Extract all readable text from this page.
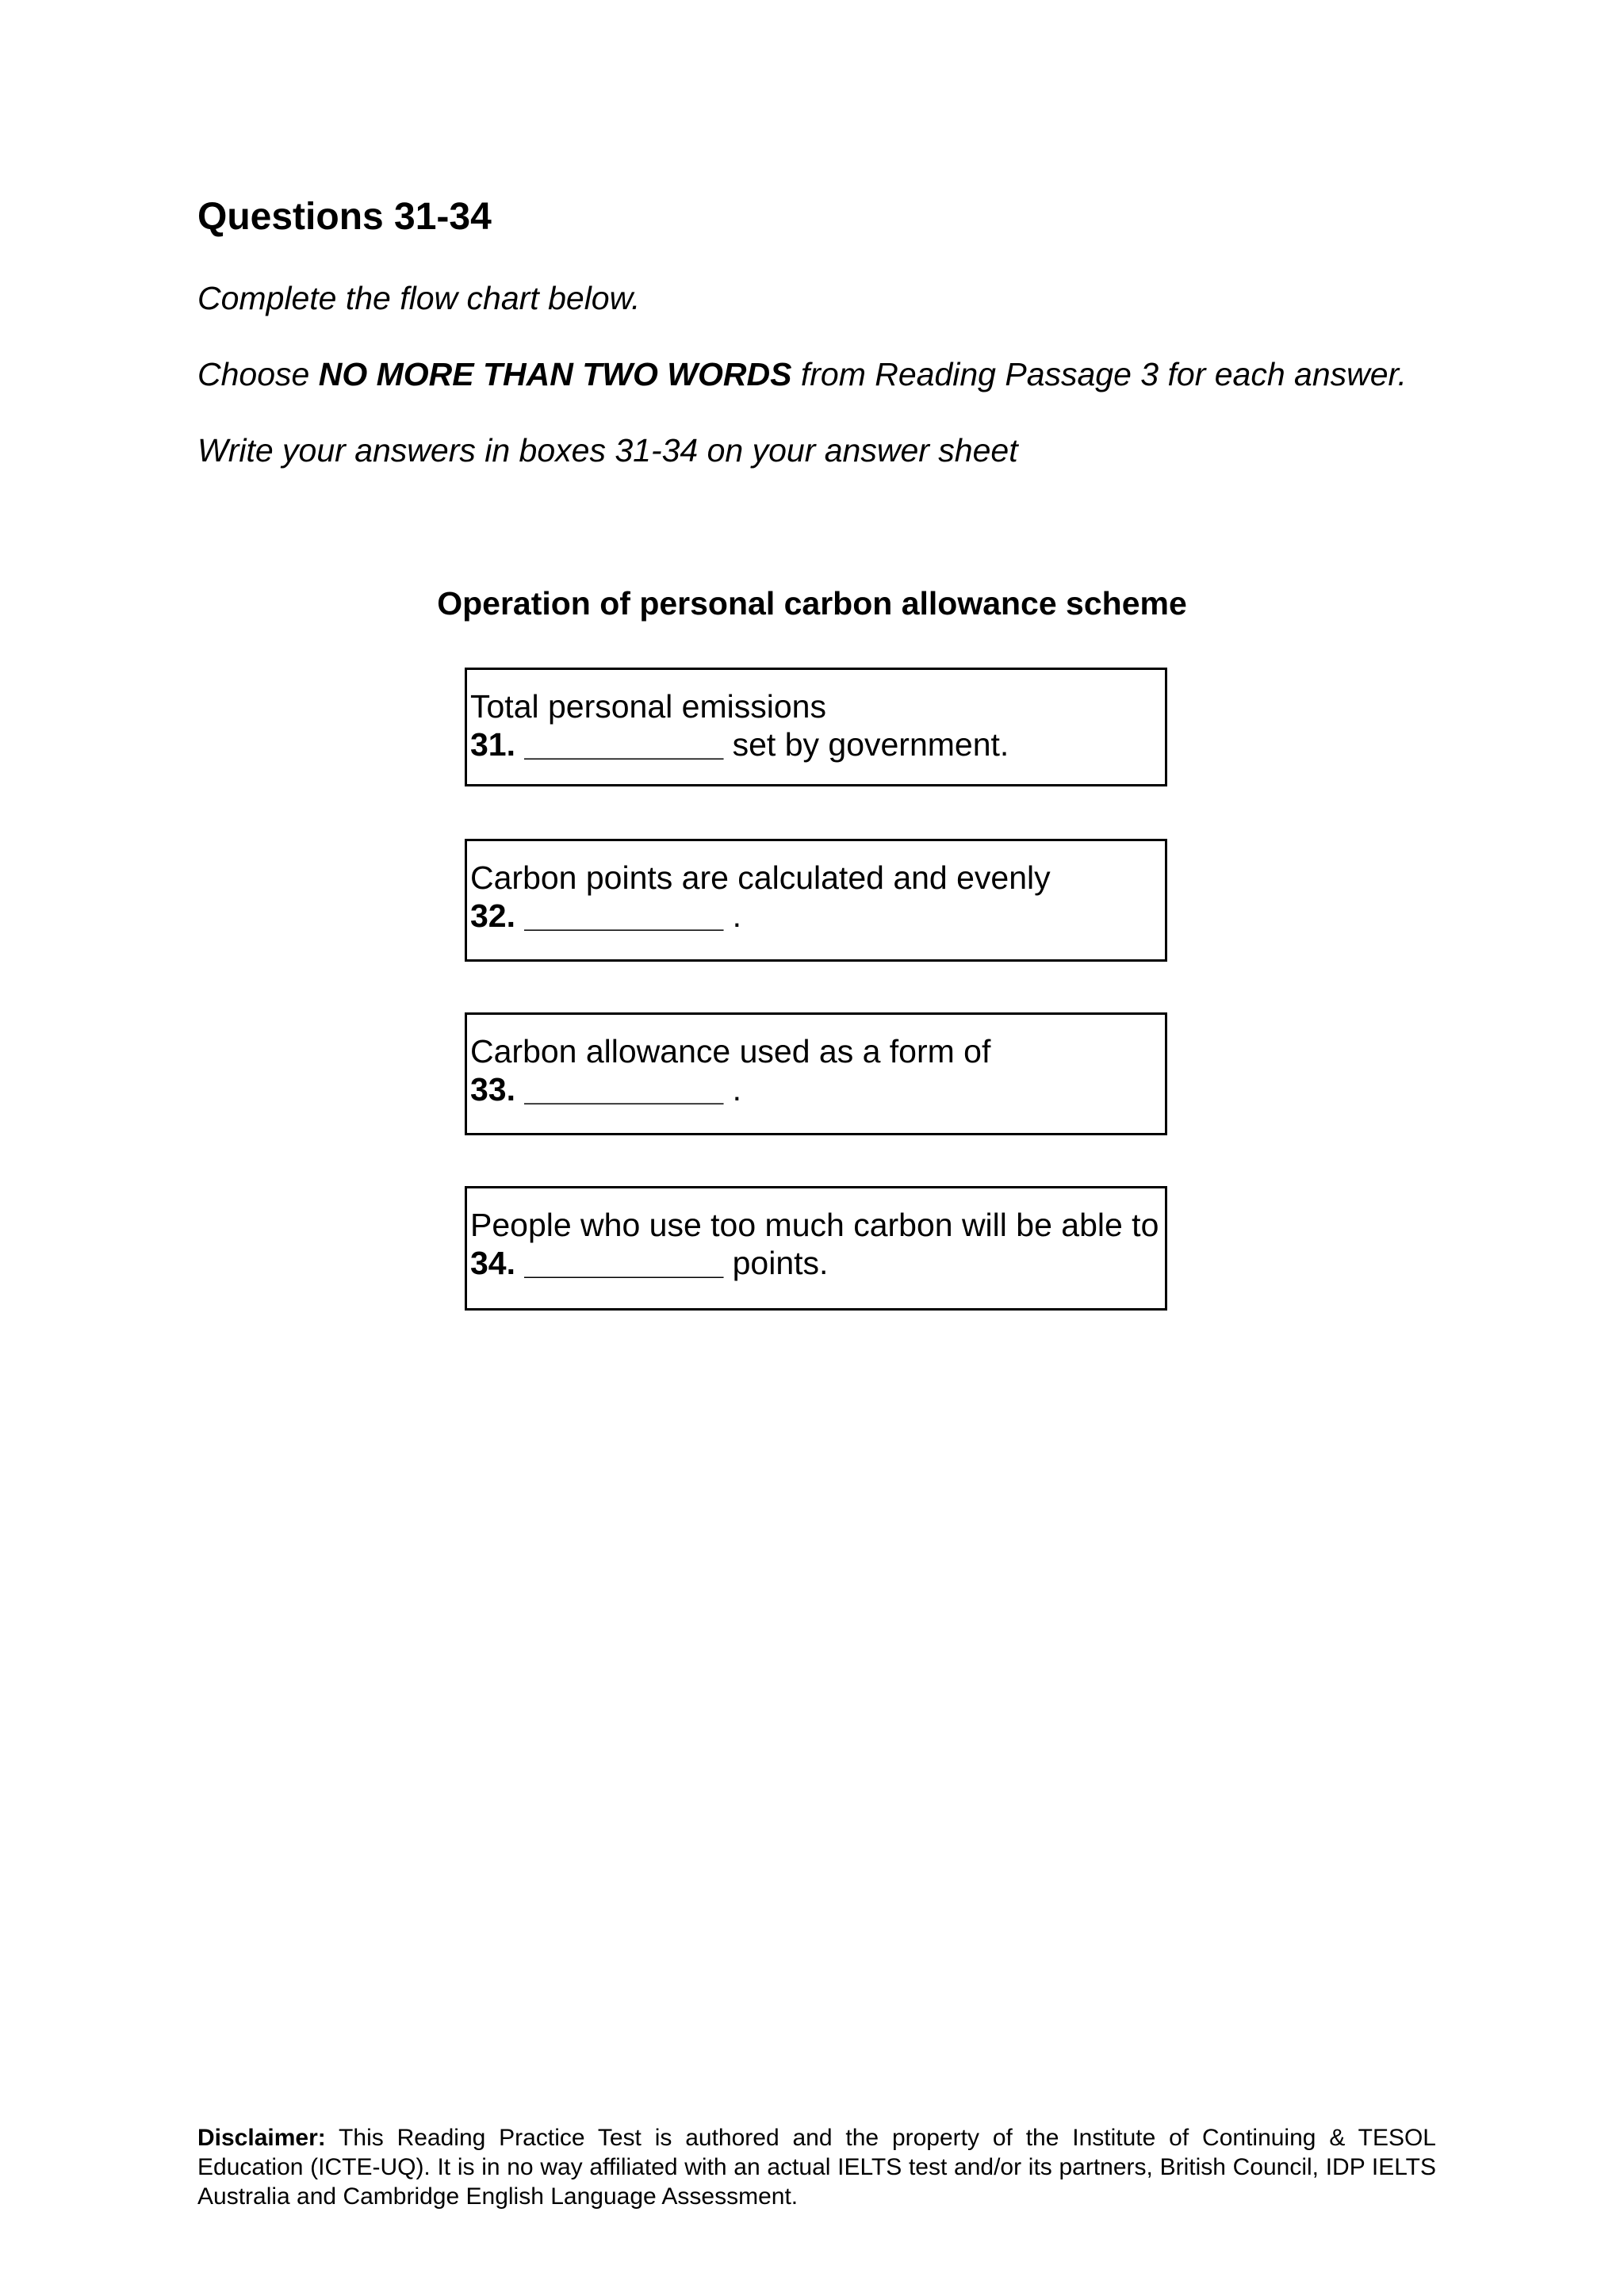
Questions 31-34

Complete the flow chart below.

Choose NO MORE THAN TWO WORDS from Reading Passage 3 for each answer.

Write your answers in boxes 31-34 on your answer sheet

Operation of personal carbon allowance scheme
Total personal emissions
31. ___________ set by government.
Carbon points are calculated and evenly
32. ___________ .
Carbon allowance used as a form of
33. ___________ .
People who use too much carbon will be able to
34. ___________ points.

Disclaimer: This Reading Practice Test is authored and the property of the Institute of Continuing & TESOL Education (ICTE-UQ). It is in no way affiliated with an actual IELTS test and/or its partners, British Council, IDP IELTS Australia and Cambridge English Language Assessment.
